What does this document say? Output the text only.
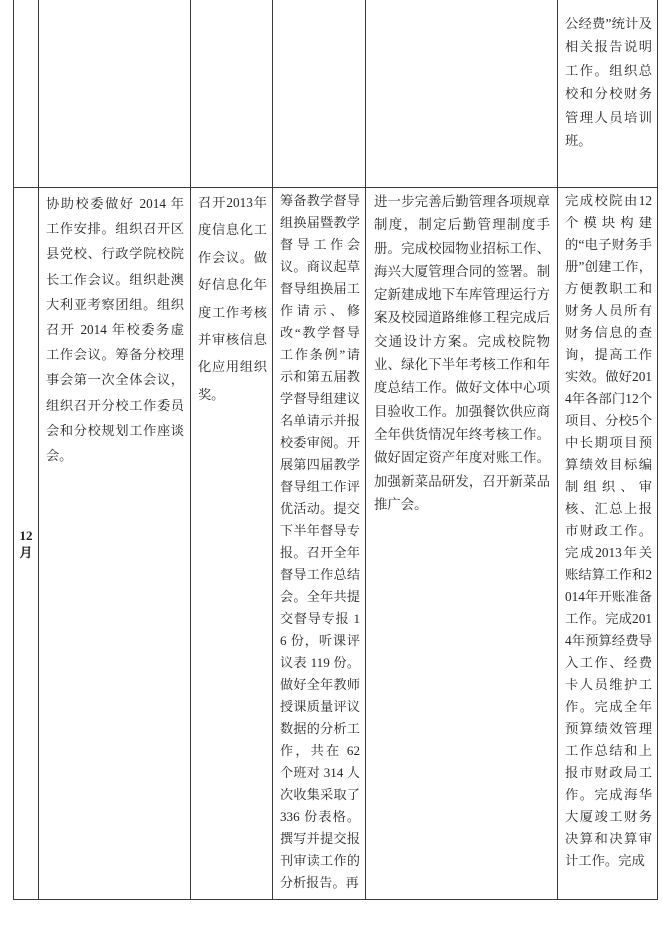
公经费”统计及相关报告说明工作。组织总校和分校财务管理人员培训班。
12月
协助校委做好 2014 年工作安排。组织召开区县党校、行政学院校院长工作会议。组织赴澳大利亚考察团组。组织召开 2014 年校委务虚工作会议。筹备分校理事会第一次全体会议，组织召开分校工作委员会和分校规划工作座谈会。
召开2013年度信息化工作会议。做好信息化年度工作考核并审核信息化应用组织奖。
筹备教学督导组换届暨教学督导工作会议。商议起草督导组换届工作请示、修改“教学督导工作条例”请示和第五届教学督导组建议名单请示并报校委审阅。开展第四届教学督导组工作评优活动。提交下半年督导专报。召开全年督导工作总结会。全年共提交督导专报 16 份，听课评议表 119 份。做好全年教师授课质量评议数据的分析工作，共在 62 个班对 314 人次收集采取了 336 份表格。撰写并提交报刊审读工作的分析报告。再
进一步完善后勤管理各项规章制度，制定后勤管理制度手册。完成校园物业招标工作、海兴大厦管理合同的签署。制定新建成地下车库管理运行方案及校园道路维修工程完成后交通设计方案。完成校院物业、绿化下半年考核工作和年度总结工作。做好文体中心项目验收工作。加强餐饮供应商全年供货情况年终考核工作。做好固定资产年度对账工作。加强新菜品研发，召开新菜品推广会。
完成校院由12个模块构建的“电子财务手册”创建工作，方便教职工和财务人员所有财务信息的查询，提高工作实效。做好2014年各部门12个项目、分校5个中长期项目预算绩效目标编制组织、审核、汇总上报市财政工作。完成2013年关账结算工作和2014年开账准备工作。完成2014年预算经费导入工作、经费卡人员维护工作。完成全年预算绩效管理工作总结和上报市财政局工作。完成海华大厦竣工财务决算和决算审计工作。完成
